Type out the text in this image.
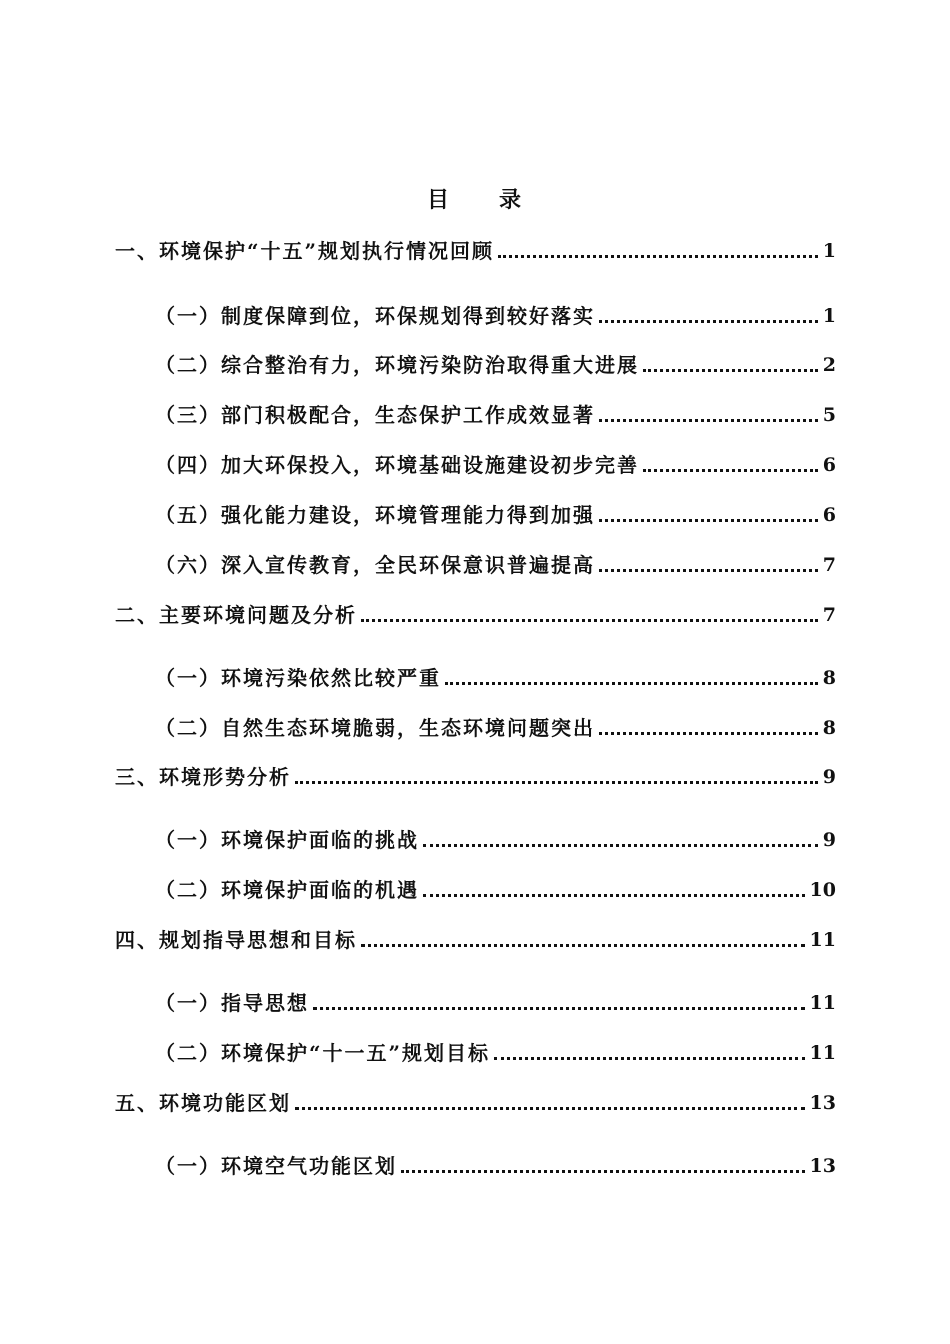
目　　录
一、环境保护“十五”规划执行情况回顾	1
（一）制度保障到位，环保规划得到较好落实	1
（二）综合整治有力，环境污染防治取得重大进展	2
（三）部门积极配合，生态保护工作成效显著	5
（四）加大环保投入，环境基础设施建设初步完善	6
（五）强化能力建设，环境管理能力得到加强	6
（六）深入宣传教育，全民环保意识普遍提高	7
二、主要环境问题及分析	7
（一）环境污染依然比较严重	8
（二）自然生态环境脆弱，生态环境问题突出	8
三、环境形势分析	9
（一）环境保护面临的挑战	9
（二）环境保护面临的机遇	10
四、规划指导思想和目标	11
（一）指导思想	11
（二）环境保护“十一五”规划目标	11
五、环境功能区划	13
（一）环境空气功能区划	13
